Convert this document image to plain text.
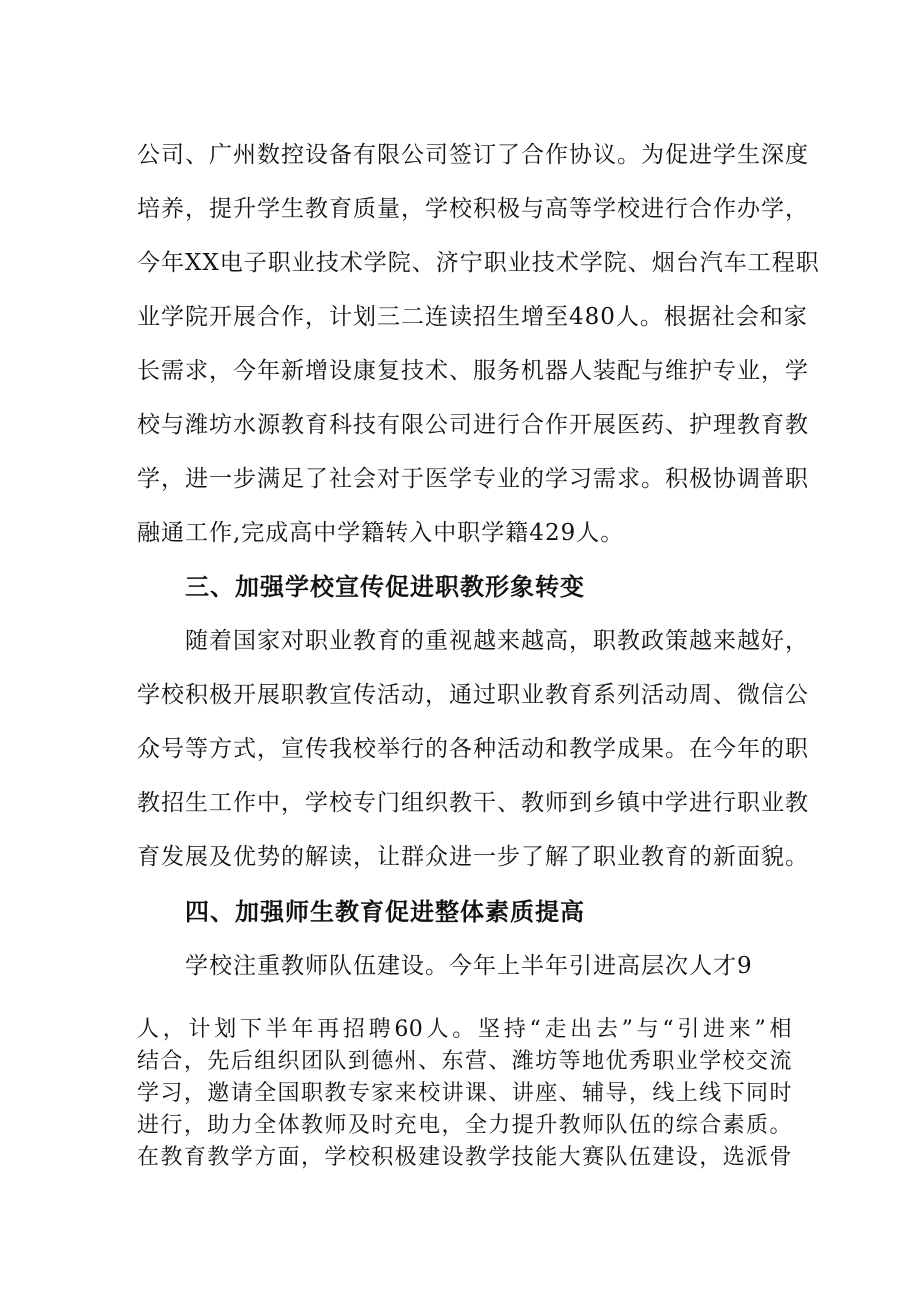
公司、广州数控设备有限公司签订了合作协议。为促进学生深度
培养，提升学生教育质量，学校积极与高等学校进行合作办学，
今年XX电子职业技术学院、济宁职业技术学院、烟台汽车工程职
业学院开展合作，计划三二连读招生增至480人。根据社会和家
长需求，今年新增设康复技术、服务机器人装配与维护专业，学
校与潍坊水源教育科技有限公司进行合作开展医药、护理教育教
学，进一步满足了社会对于医学专业的学习需求。积极协调普职
融通工作,完成高中学籍转入中职学籍429人。
三、加强学校宣传促进职教形象转变
随着国家对职业教育的重视越来越高，职教政策越来越好，
学校积极开展职教宣传活动，通过职业教育系列活动周、微信公
众号等方式，宣传我校举行的各种活动和教学成果。在今年的职
教招生工作中，学校专门组织教干、教师到乡镇中学进行职业教
育发展及优势的解读，让群众进一步了解了职业教育的新面貌。
四、加强师生教育促进整体素质提高
学校注重教师队伍建设。今年上半年引进高层次人才9
人，计划下半年再招聘60人。坚持“走出去”与“引进来”相
结合，先后组织团队到德州、东营、潍坊等地优秀职业学校交流
学习，邀请全国职教专家来校讲课、讲座、辅导，线上线下同时
进行，助力全体教师及时充电，全力提升教师队伍的综合素质。
在教育教学方面，学校积极建设教学技能大赛队伍建设，选派骨
